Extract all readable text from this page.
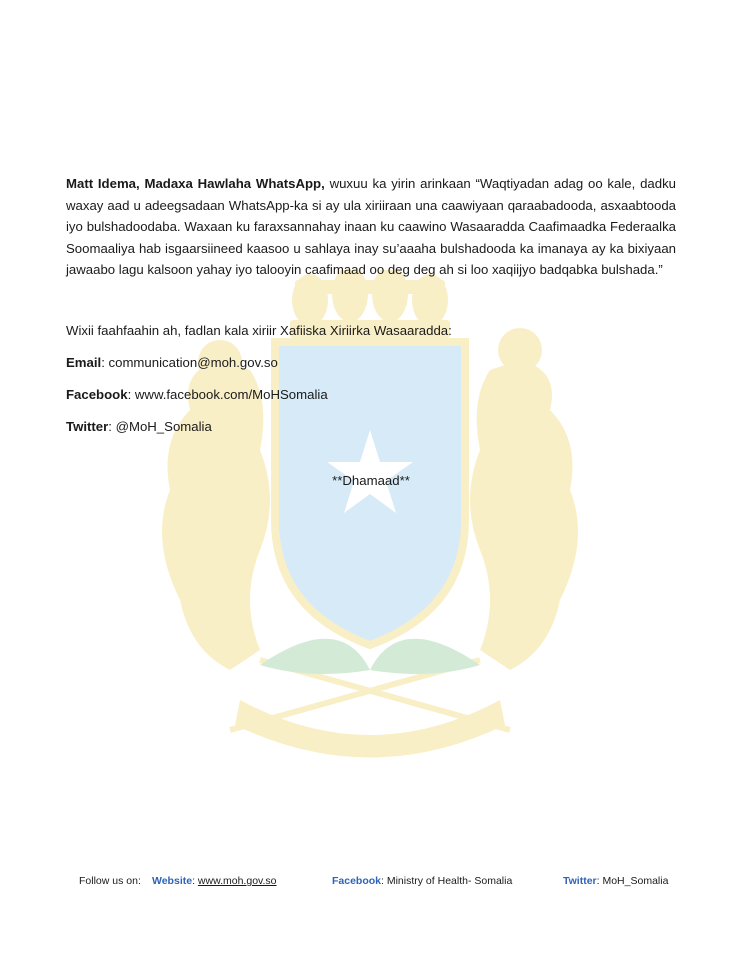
Matt Idema, Madaxa Hawlaha WhatsApp, wuxuu ka yirin arinkaan “Waqtiyadan adag oo kale, dadku waxay aad u adeegsadaan WhatsApp-ka si ay ula xiriiraan una caawiyaan qaraabadooda, asxaabtooda iyo bulshadoodaba. Waxaan ku faraxsannahay inaan ku caawino Wasaaradda Caafimaadka Federaalka Soomaaliya hab isgaarsiineed kaasoo u sahlaya inay su’aaaha bulshadooda ka imanaya ay ka bixiyaan jawaabo lagu kalsoon yahay iyo talooyin caafimaad oo deg deg ah si loo xaqiijyo badqabka bulshada.”

Wixii faahfaahin ah, fadlan kala xiriir Xafiiska Xiriirka Wasaaradda:

Email: communication@moh.gov.so

Facebook: www.facebook.com/MoHSomalia

Twitter: @MoH_Somalia

**Dhamaad**

Follow us on: Website: www.moh.gov.so	Facebook: Ministry of Health- Somalia	Twitter: MoH_Somalia
